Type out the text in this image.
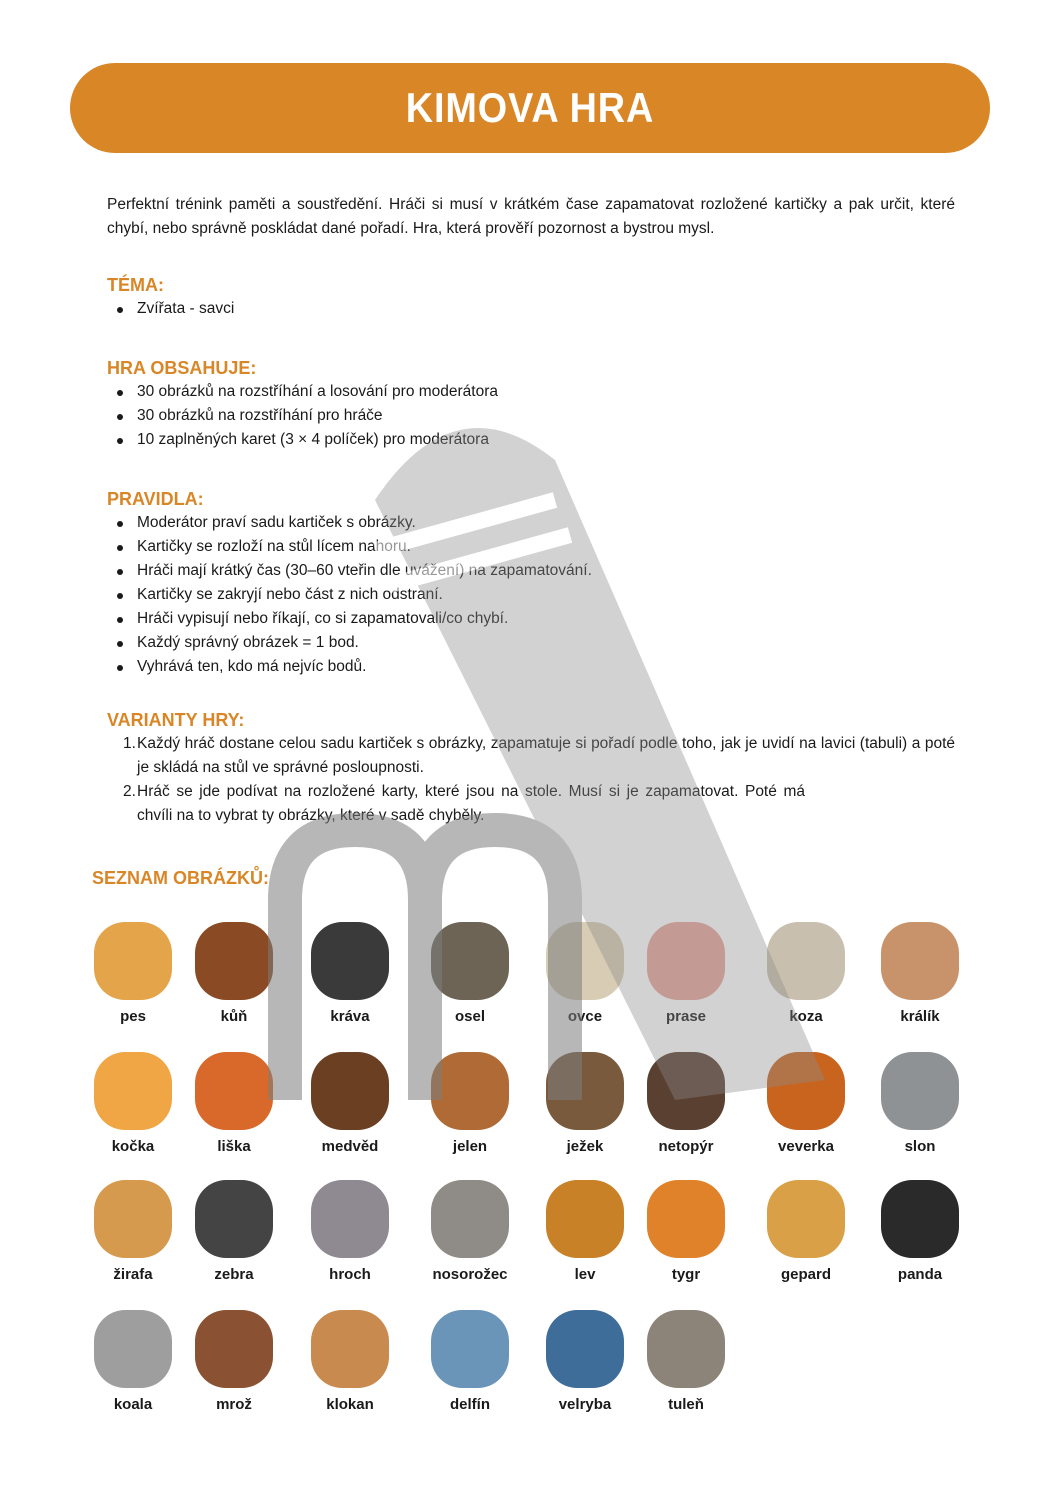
KIMOVA HRA

Perfektní trénink paměti a soustředění. Hráči si musí v krátkém čase zapamatovat rozložené kartičky a pak určit, které chybí, nebo správně poskládat dané pořadí. Hra, která prověří pozornost a bystrou mysl.

TÉMA:
Zvířata - savci
HRA OBSAHUJE:
30 obrázků na rozstříhání a losování pro moderátora
30 obrázků na rozstříhání pro hráče
10 zaplněných karet (3 × 4 políček) pro moderátora
PRAVIDLA:
Moderátor praví sadu kartiček s obrázky.
Kartičky se rozloží na stůl lícem nahoru.
Hráči mají krátký čas (30–60 vteřin dle uvážení) na zapamatování.
Kartičky se zakryjí nebo část z nich odstraní.
Hráči vypisují nebo říkají, co si zapamatovali/co chybí.
Každý správný obrázek = 1 bod.
Vyhrává ten, kdo má nejvíc bodů.
VARIANTY HRY:
1. Každý hráč dostane celou sadu kartiček s obrázky, zapamatuje si pořadí podle toho, jak je uvidí na lavici (tabuli) a poté je skládá na stůl ve správné posloupnosti.
2. Hráč se jde podívat na rozložené karty, které jsou na stole. Musí si je zapamatovat. Poté má chvíli na to vybrat ty obrázky, které v sadě chyběly.
SEZNAM OBRÁZKŮ:
pes	kůň	kráva	osel	ovce	prase	koza	králík
kočka	liška	medvěd	jelen	ježek	netopýr	veverka	slon
žirafa	zebra	hroch	nosorožec	lev	tygr	gepard	panda
koala	mrož	klokan	delfín	velryba	tuleň
